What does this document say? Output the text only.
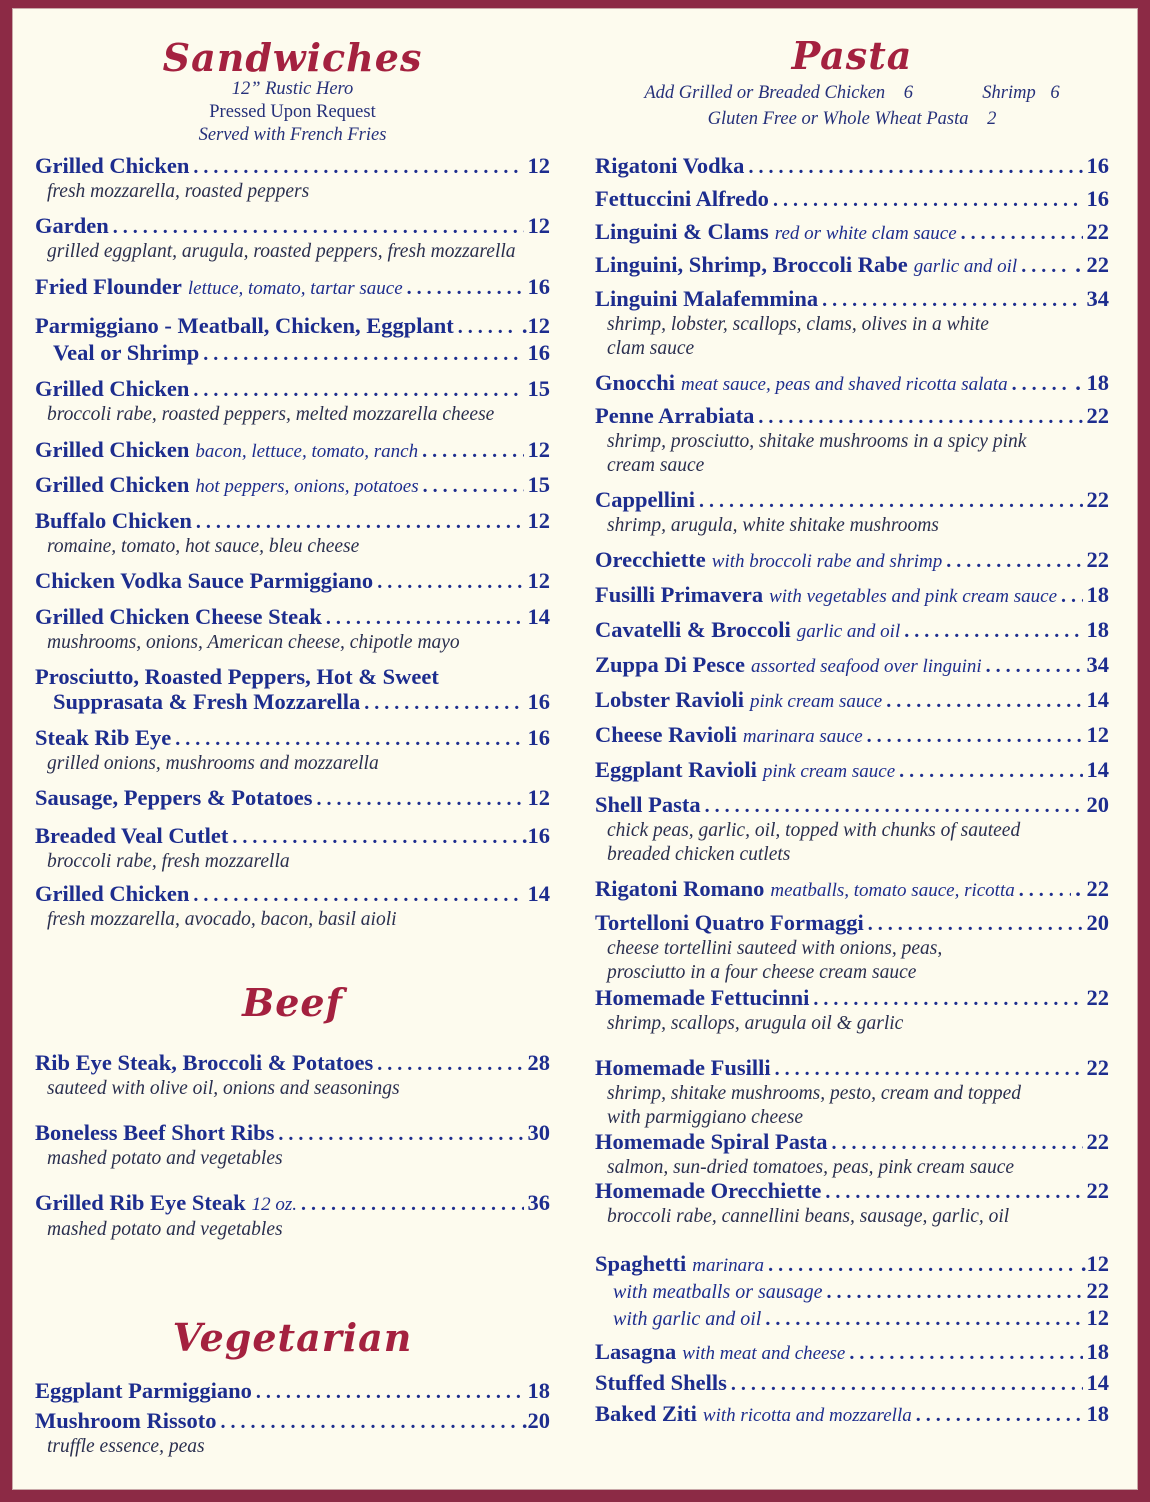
Sandwiches
12” Rustic Hero
Pressed Upon Request
Served with French Fries
Grilled Chicken . . .	12
fresh mozzarella, roasted peppers
Garden . . .	12
grilled eggplant, arugula, roasted peppers, fresh mozzarella
Fried Flounder lettuce, tomato, tartar sauce . . .	16
Parmiggiano - Meatball, Chicken, Eggplant . . .	.12
Veal or Shrimp . . .	16
Grilled Chicken . . .	15
broccoli rabe, roasted peppers, melted mozzarella cheese
Grilled Chicken bacon, lettuce, tomato, ranch . . .	12
Grilled Chicken hot peppers, onions, potatoes . . .	15
Buffalo Chicken . . .	12
romaine, tomato, hot sauce, bleu cheese
Chicken Vodka Sauce Parmiggiano . . .	12
Grilled Chicken Cheese Steak . . .	14
mushrooms, onions, American cheese, chipotle mayo
Prosciutto, Roasted Peppers, Hot & Sweet
Supprasata & Fresh Mozzarella . . .	16
Steak Rib Eye . . .	16
grilled onions, mushrooms and mozzarella
Sausage, Peppers & Potatoes . . .	12
Breaded Veal Cutlet . . .	.16
broccoli rabe, fresh mozzarella
Grilled Chicken . . .	14
fresh mozzarella, avocado, bacon, basil aioli
Beef
Rib Eye Steak, Broccoli & Potatoes . . .	28
sauteed with olive oil, onions and seasonings
Boneless Beef Short Ribs . . .	30
mashed potato and vegetables
Grilled Rib Eye Steak 12 oz. . . .	36
mashed potato and vegetables
Vegetarian
Eggplant Parmiggiano . . .	18
Mushroom Rissoto . . .	.20
truffle essence, peas
Pasta
Add Grilled or Breaded Chicken 6	Shrimp 6
Gluten Free or Whole Wheat Pasta 2
Rigatoni Vodka . . .	16
Fettuccini Alfredo . . .	16
Linguini & Clams red or white clam sauce . . .	22
Linguini, Shrimp, Broccoli Rabe garlic and oil . . .	. 22
Linguini Malafemmina . . .	34
shrimp, lobster, scallops, clams, olives in a white
clam sauce
Gnocchi meat sauce, peas and shaved ricotta salata . . .	. 18
Penne Arrabiata . . .	22
shrimp, prosciutto, shitake mushrooms in a spicy pink
cream sauce
Cappellini . . .	22
shrimp, arugula, white shitake mushrooms
Orecchiette with broccoli rabe and shrimp . . .	22
Fusilli Primavera with vegetables and pink cream sauce . . . 18
Cavatelli & Broccoli garlic and oil . . .	18
Zuppa Di Pesce assorted seafood over linguini . . .	34
Lobster Ravioli pink cream sauce . . .	14
Cheese Ravioli marinara sauce . . .	12
Eggplant Ravioli pink cream sauce . . .	14
Shell Pasta . . .	20
chick peas, garlic, oil, topped with chunks of sauteed
breaded chicken cutlets
Rigatoni Romano meatballs, tomato sauce, ricotta . . .	. 22
Tortelloni Quatro Formaggi . . .	20
cheese tortellini sauteed with onions, peas,
prosciutto in a four cheese cream sauce
Homemade Fettucinni . . .	22
shrimp, scallops, arugula oil & garlic
Homemade Fusilli . . .	22
shrimp, shitake mushrooms, pesto, cream and topped
with parmiggiano cheese
Homemade Spiral Pasta . . .	22
salmon, sun-dried tomatoes, peas, pink cream sauce
Homemade Orecchiette . . .	22
broccoli rabe, cannellini beans, sausage, garlic, oil
Spaghetti marinara . . .	.12
with meatballs or sausage . . .	22
with garlic and oil . . .	12
Lasagna with meat and cheese . . .	18
Stuffed Shells . . .	14
Baked Ziti with ricotta and mozzarella . . .	18
